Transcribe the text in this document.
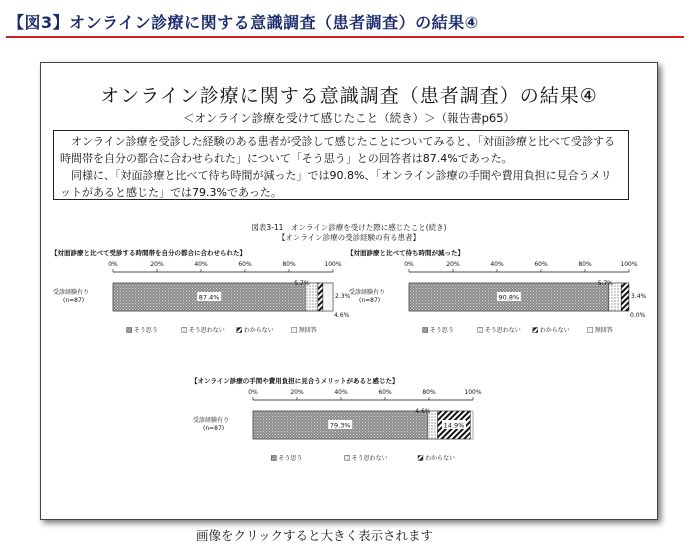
【図3】オンライン診療に関する意識調査（患者調査）の結果④
オンライン診療に関する意識調査（患者調査）の結果④

＜オンライン診療を受けて感じたこと（続き）＞（報告書p65）

オンライン診療を受診した経験のある患者が受診して感じたことについてみると、「対面診療と比べて受診する時間帯を自分の都合に合わせられた」について「そう思う」との回答者は87.4%であった。

同様に、「対面診療と比べて待ち時間が減った」では90.8%、「オンライン診療の手間や費用負担に見合うメリットがあると感じた」では79.3%であった。

図表3-11　オンライン診療を受けた際に感じたこと(続き)

【オンライン診療の受診経験の有る患者】

【対面診療と比べて受診する時間帯を自分の都合に合わせられた】
0%	20%	40%	60%	80%	100%
受診経験有り
(n=87)	87.4%
5.7%
2.3%
4.6%
そう思う	そう思わない	わからない	無回答
【対面診療と比べて待ち時間が減った】
0%	20%	40%	60%	80%	100%
受診経験有り
(n=87)	90.8%
5.7%
3.4%
0.0%
そう思う	そう思わない	わからない	無回答
【オンライン診療の手間や費用負担に見合うメリットがあると感じた】
0%	20%	40%	60%	80%	100%
受診経験有り
(n=87)	79.3%	14.9%
4.6%
そう思う	そう思わない	わからない

画像をクリックすると大きく表示されます
